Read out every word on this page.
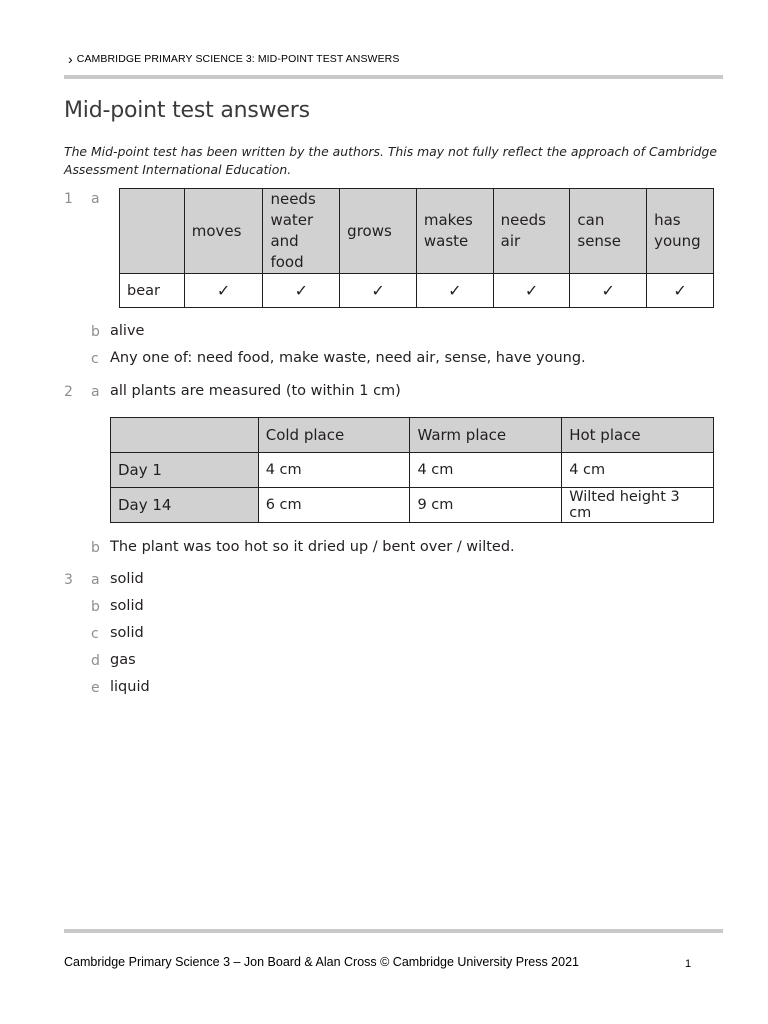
› CAMBRIDGE PRIMARY SCIENCE 3: MID-POINT TEST ANSWERS
Mid-point test answers
The Mid-point test has been written by the authors. This may not fully reflect the approach of Cambridge Assessment International Education.
1 a
	moves	needs water and food	grows	makes waste	needs air	can sense	has young
bear	✓	✓	✓	✓	✓	✓	✓
b alive
c Any one of: need food, make waste, need air, sense, have young.
2 a all plants are measured (to within 1 cm)
	Cold place	Warm place	Hot place
Day 1	4 cm	4 cm	4 cm
Day 14	6 cm	9 cm	Wilted height 3 cm
b The plant was too hot so it dried up / bent over / wilted.
3 a solid
b solid
c solid
d gas
e liquid
Cambridge Primary Science 3 – Jon Board & Alan Cross © Cambridge University Press 2021	1
